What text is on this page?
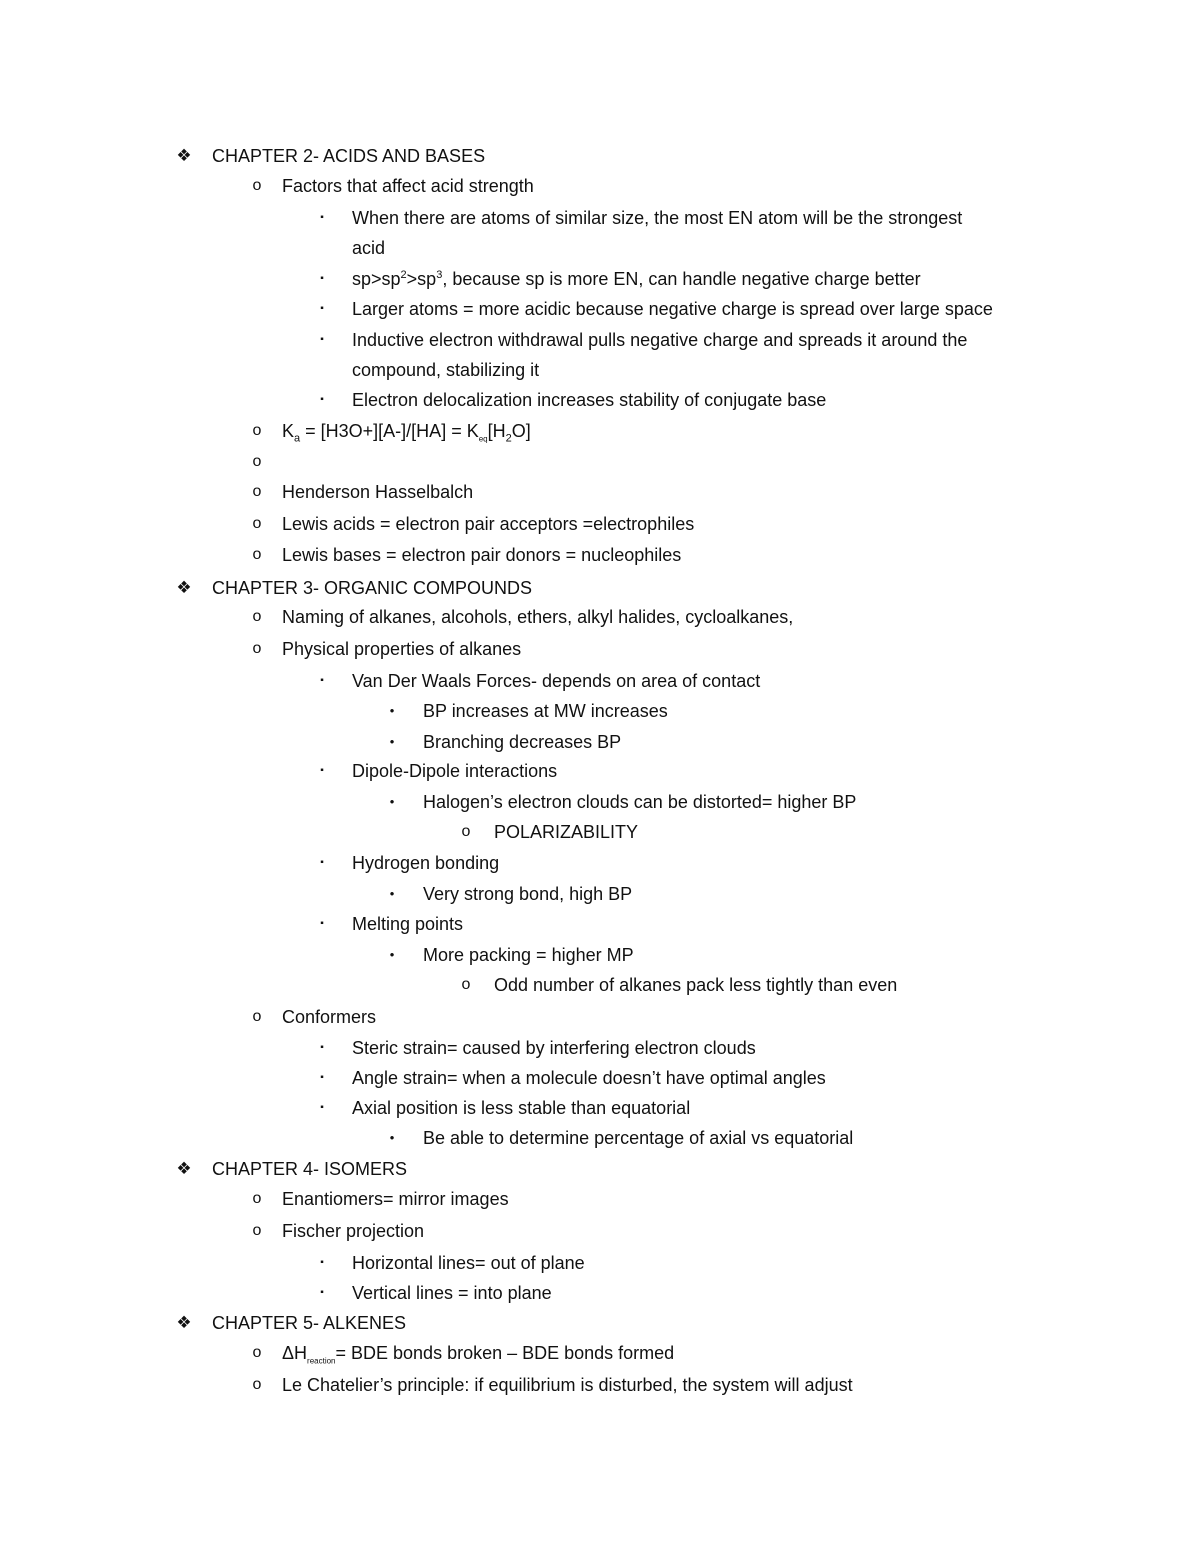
❖ CHAPTER 2- ACIDS AND BASES
o	Factors that affect acid strength
▪	When there are atoms of similar size, the most EN atom will be the strongest
acid
▪	$sp>sp^2>sp^3$, because sp is more EN, can handle negative charge better
▪	Larger atoms = more acidic because negative charge is spread over large space
▪	Inductive electron withdrawal pulls negative charge and spreads it around the
compound, stabilizing it
▪	Electron delocalization increases stability of conjugate base
o	$K_a = [H3O+][A-]/[HA] = K_{eq}[H_2O]$
o
o	Henderson Hasselbalch
o	Lewis acids = electron pair acceptors =electrophiles
o	Lewis bases = electron pair donors = nucleophiles
❖ CHAPTER 3- ORGANIC COMPOUNDS
o	Naming of alkanes, alcohols, ethers, alkyl halides, cycloalkanes,
o	Physical properties of alkanes
▪	Van Der Waals Forces- depends on area of contact
•	BP increases at MW increases
•	Branching decreases BP
▪	Dipole-Dipole interactions
•	Halogen’s electron clouds can be distorted= higher BP
o	POLARIZABILITY
▪	Hydrogen bonding
•	Very strong bond, high BP
▪	Melting points
•	More packing = higher MP
o	Odd number of alkanes pack less tightly than even
o	Conformers
▪	Steric strain= caused by interfering electron clouds
▪	Angle strain= when a molecule doesn’t have optimal angles
▪	Axial position is less stable than equatorial
•	Be able to determine percentage of axial vs equatorial
❖ CHAPTER 4- ISOMERS
o	Enantiomers= mirror images
o	Fischer projection
▪	Horizontal lines= out of plane
▪	Vertical lines = into plane
❖ CHAPTER 5- ALKENES
o	$\Delta H_{reaction}=$ BDE bonds broken – BDE bonds formed
o	Le Chatelier’s principle: if equilibrium is disturbed, the system will adjust
